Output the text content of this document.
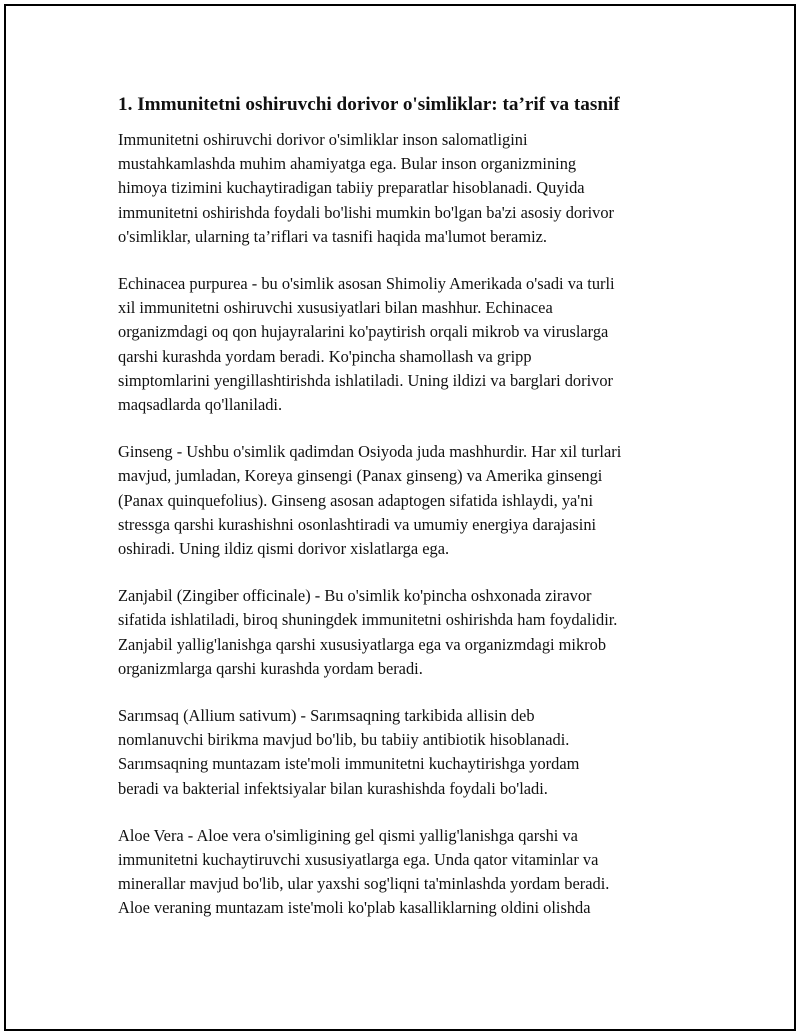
1. Immunitetni oshiruvchi dorivor o'simliklar: ta’rif va tasnif
Immunitetni oshiruvchi dorivor o'simliklar inson salomatligini
mustahkamlashda muhim ahamiyatga ega. Bular inson organizmining
himoya tizimini kuchaytiradigan tabiiy preparatlar hisoblanadi. Quyida
immunitetni oshirishda foydali bo'lishi mumkin bo'lgan ba'zi asosiy dorivor
o'simliklar, ularning ta’riflari va tasnifi haqida ma'lumot beramiz.
Echinacea purpurea - bu o'simlik asosan Shimoliy Amerikada o'sadi va turli
xil immunitetni oshiruvchi xususiyatlari bilan mashhur. Echinacea
organizmdagi oq qon hujayralarini ko'paytirish orqali mikrob va viruslarga
qarshi kurashda yordam beradi. Ko'pincha shamollash va gripp
simptomlarini yengillashtirishda ishlatiladi. Uning ildizi va barglari dorivor
maqsadlarda qo'llaniladi.
Ginseng - Ushbu o'simlik qadimdan Osiyoda juda mashhurdir. Har xil turlari
mavjud, jumladan, Koreya ginsengi (Panax ginseng) va Amerika ginsengi
(Panax quinquefolius). Ginseng asosan adaptogen sifatida ishlaydi, ya'ni
stressga qarshi kurashishni osonlashtiradi va umumiy energiya darajasini
oshiradi. Uning ildiz qismi dorivor xislatlarga ega.
Zanjabil (Zingiber officinale) - Bu o'simlik ko'pincha oshxonada ziravor
sifatida ishlatiladi, biroq shuningdek immunitetni oshirishda ham foydalidir.
Zanjabil yallig'lanishga qarshi xususiyatlarga ega va organizmdagi mikrob
organizmlarga qarshi kurashda yordam beradi.
Sarımsaq (Allium sativum) - Sarımsaqning tarkibida allisin deb
nomlanuvchi birikma mavjud bo'lib, bu tabiiy antibiotik hisoblanadi.
Sarımsaqning muntazam iste'moli immunitetni kuchaytirishga yordam
beradi va bakterial infektsiyalar bilan kurashishda foydali bo'ladi.
Aloe Vera - Aloe vera o'simligining gel qismi yallig'lanishga qarshi va
immunitetni kuchaytiruvchi xususiyatlarga ega. Unda qator vitaminlar va
minerallar mavjud bo'lib, ular yaxshi sog'liqni ta'minlashda yordam beradi.
Aloe veraning muntazam iste'moli ko'plab kasalliklarning oldini olishda
